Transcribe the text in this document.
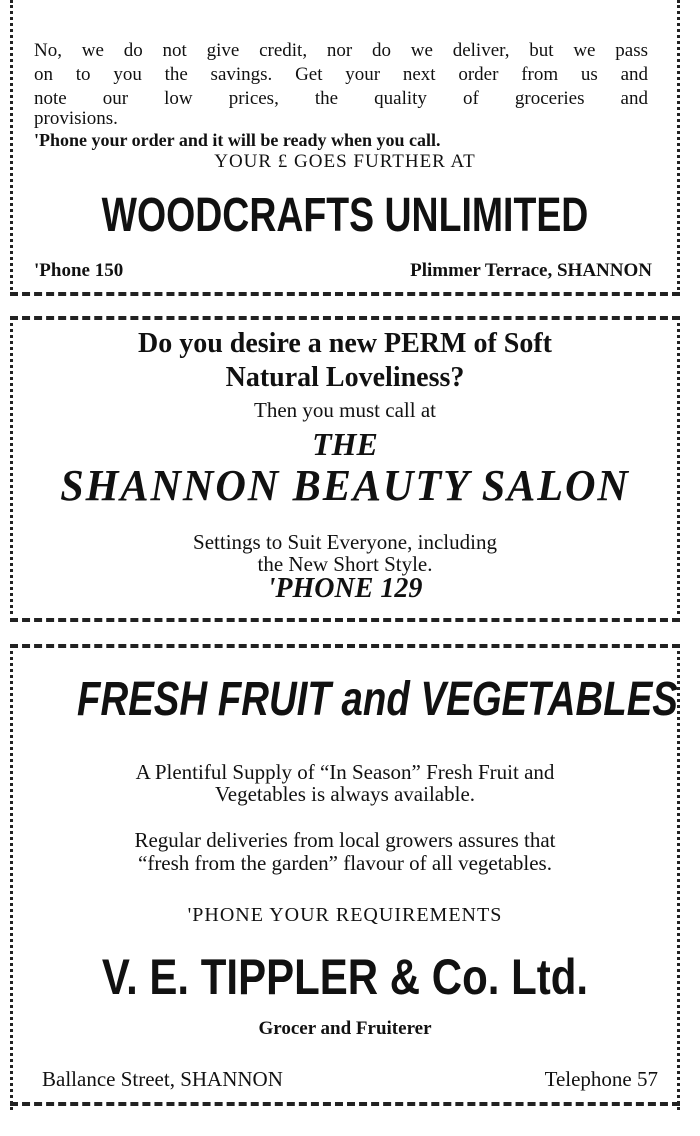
No, we do not give credit, nor do we deliver, but we pass
on to you the savings. Get your next order from us and
note our low prices, the quality of groceries and
provisions.
'Phone your order and it will be ready when you call.
YOUR £ GOES FURTHER AT
WOODCRAFTS UNLIMITED
'Phone 150	Plimmer Terrace, SHANNON
Do you desire a new PERM of Soft
Natural Loveliness?
Then you must call at
THE
SHANNON BEAUTY SALON
Settings to Suit Everyone, including
the New Short Style.
'PHONE 129
FRESH FRUIT and VEGETABLES
A Plentiful Supply of “In Season” Fresh Fruit and
Vegetables is always available.
Regular deliveries from local growers assures that
“fresh from the garden” flavour of all vegetables.
'PHONE YOUR REQUIREMENTS
V. E. TIPPLER & Co. Ltd.
Grocer and Fruiterer
Ballance Street, SHANNON	Telephone 57
